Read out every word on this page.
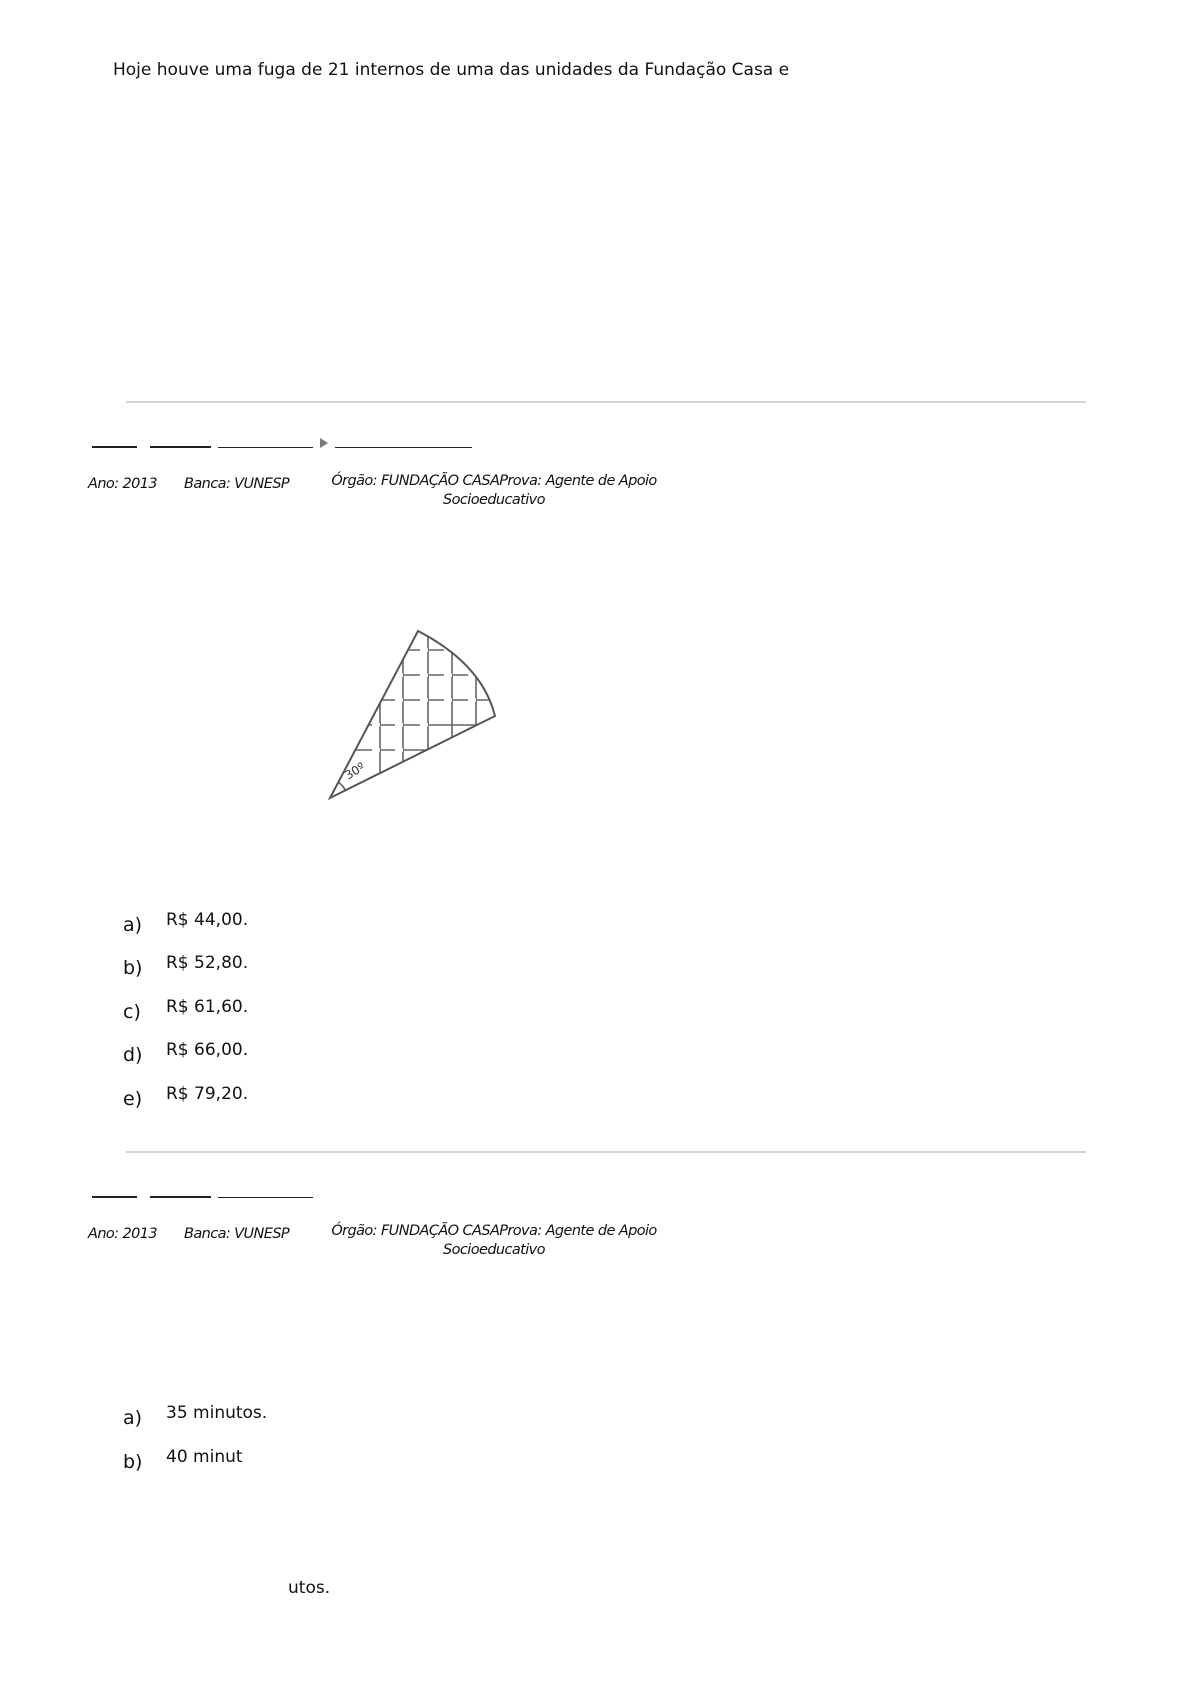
Hoje houve uma fuga de 21 internos de uma das unidades da Fundação Casa e
Ano: 2013 Banca: VUNESP	Órgão: FUNDAÇÃO CASAProva: Agente de Apoio
Socioeducativo
30º
a) R$ 44,00.
b) R$ 52,80.
c) R$ 61,60.
d) R$ 66,00.
e) R$ 79,20.
Ano: 2013 Banca: VUNESP	Órgão: FUNDAÇÃO CASAProva: Agente de Apoio
Socioeducativo
a) 35 minutos.
b) 40 minut
utos.
